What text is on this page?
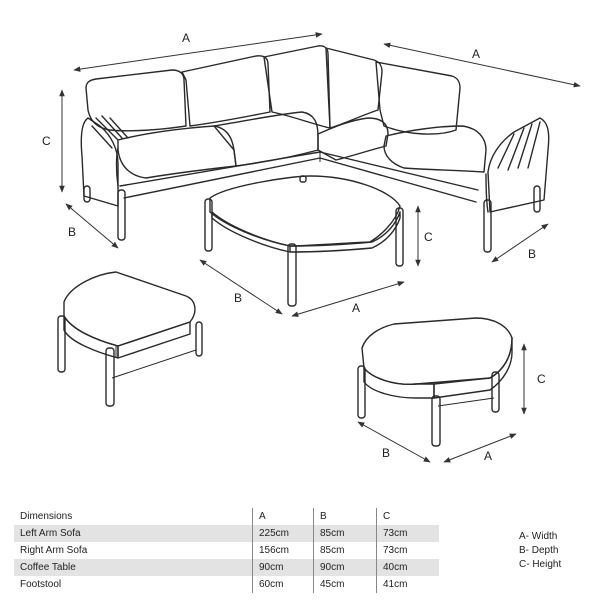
A
A
C
B
B
C
B
A
C
B	A
Dimensions	A	B	C
Left Arm Sofa	225cm	85cm	73cm
Right Arm Sofa	156cm	85cm	73cm
Coffee Table	90cm	90cm	40cm
Footstool	60cm	45cm	41cm
A- Width
B- Depth
C- Height
